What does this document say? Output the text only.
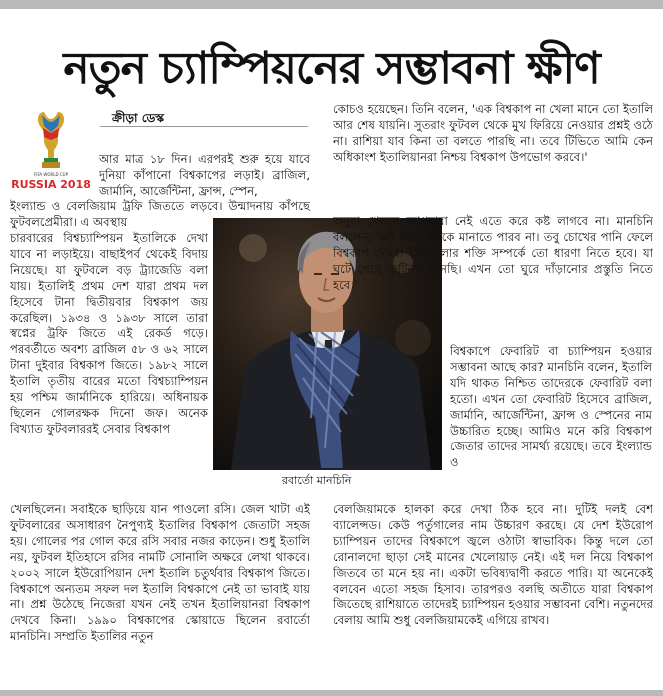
নতুন চ্যাম্পিয়নের সম্ভাবনা ক্ষীণ
FIFA WORLD CUP
RUSSIA 2018

ক্রীড়া ডেস্ক

আর মাত্র ১৮ দিন। এরপরই শুরু হয়ে যাবে দুনিয়া কাঁপানো বিশ্বকাপের লড়াই। ব্রাজিল, জার্মানি, আর্জেন্টিনা, ফ্রান্স, স্পেন,

ইংল্যান্ড ও বেলজিয়াম ট্রফি জিততে লড়বে। উন্মাদনায় কাঁপছে ফুটবলপ্রেমীরা। এ অবস্থায়

চারবারের বিশ্বচ্যাম্পিয়ন ইতালিকে দেখা যাবে না লড়াইয়ে। বাছাইপর্ব থেকেই বিদায় নিয়েছে। যা ফুটবলে বড় ট্র্যাজেডি বলা যায়। ইতালিই প্রথম দেশ যারা প্রথম দল হিসেবে টানা দ্বিতীয়বার বিশ্বকাপ জয় করেছিল। ১৯৩৪ ও ১৯৩৮ সালে তারা স্বপ্নের ট্রফি জিতে এই রেকর্ড গড়ে। পরবর্তীতে অবশ্য ব্রাজিল ৫৮ ও ৬২ সালে টানা দুইবার বিশ্বকাপ জিতে। ১৯৮২ সালে ইতালি তৃতীয় বারের মতো বিশ্বচ্যাম্পিয়ন হয় পশ্চিম জার্মানিকে হারিয়ে। অধিনায়ক ছিলেন গোলরক্ষক দিনো জফ। অনেক বিখ্যাত ফুটবলাররই সেবার বিশ্বকাপ

রবার্তো মানচিনি

খেলছিলেন। সবাইকে ছাড়িয়ে যান পাওলো রসি। জেল খাটা এই ফুটবলারের অসাধারণ নৈপুণ্যই ইতালির বিশ্বকাপ জেতাটা সহজ হয়। গোলের পর গোল করে রসি সবার নজর কাড়েন। শুধু ইতালি নয়, ফুটবল ইতিহাসে রসির নামটি সোনালি অক্ষরে লেখা থাকবে। ২০০২ সালে ইউরোপিয়ান দেশ ইতালি চতুর্থবার বিশ্বকাপ জিতে। বিশ্বকাপে অন্যতম সফল দল ইতালি বিশ্বকাপে নেই তা ভাবাই যায় না। প্রশ্ন উঠেছে নিজেরা যখন নেই তখন ইতালিয়ানরা বিশ্বকাপ দেখবে কিনা। ১৯৯০ বিশ্বকাপের স্কোয়াডে ছিলেন রবার্তো মানচিনি। সম্প্রতি ইতালির নতুন

কোচও হয়েছেন। তিনি বলেন, 'এক বিশ্বকাপ না খেলা মানে তো ইতালি আর শেষ যায়নি। সুতরাং ফুটবল থেকে মুখ ফিরিয়ে নেওয়ার প্রশ্নই ওঠে না। রাশিয়া যাব কিনা তা বলতে পারছি না। তবে টিভিতে আমি কেন অধিকাংশ ইতালিয়ানরা নিশ্চয় বিশ্বকাপ উপভোগ করবে।'

অনুরা খেলছে আপনারা নেই এতে করে কষ্ট লাগবে না। মানচিনি বললেন, 'কষ্ট মানে, মনকে মানাতে পারব না। তবু চোখের পানি ফেলে বিশ্বকাপ দেখব। টিমগুলোর শক্তি সম্পর্কে তো ধারণা নিতে হবে। যা ঘটে গেছে দুর্ঘটনার মানছি। এখন তো ঘুরে দাঁড়ানোর প্রস্তুতি নিতে হবে।'

বিশ্বকাপে ফেবারিট বা চ্যাম্পিয়ন হওয়ার সম্ভাবনা আছে কার? মানচিনি বলেন, ইতালি যদি থাকত নিশ্চিত তাদেরকে ফেবারিট বলা হতো। এখন তো ফেবারিট হিসেবে ব্রাজিল, জার্মানি, আর্জেন্টিনা, ফ্রান্স ও স্পেনের নাম উচ্চারিত হচ্ছে। আমিও মনে করি বিশ্বকাপ জেতার তাদের সামর্থ্য রয়েছে। তবে ইংল্যান্ড ও

বেলজিয়ামকে হালকা করে দেখা ঠিক হবে না। দুটিই দলই বেশ ব্যালেন্সড। কেউ পর্তুগালের নাম উচ্চারণ করছে। যে দেশ ইউরোপ চ্যাম্পিয়ন তাদের বিশ্বকাপে জ্বলে ওঠাটা স্বাভাবিক। কিন্তু দলে তো রোনালদো ছাড়া সেই মানের খেলোয়াড় নেই। এই দল নিয়ে বিশ্বকাপ জিতবে তা মনে হয় না। একটা ভবিষ্যদ্বাণী করতে পারি। যা অনেকেই বলবেন এতো সহজ হিসাব। তারপরও বলছি অতীতে যারা বিশ্বকাপ জিতেছে রাশিয়াতে তাদেরই চ্যাম্পিয়ন হওয়ার সম্ভাবনা বেশি। নতুনদের বেলায় আমি শুধু বেলজিয়ামকেই এগিয়ে রাখব।
